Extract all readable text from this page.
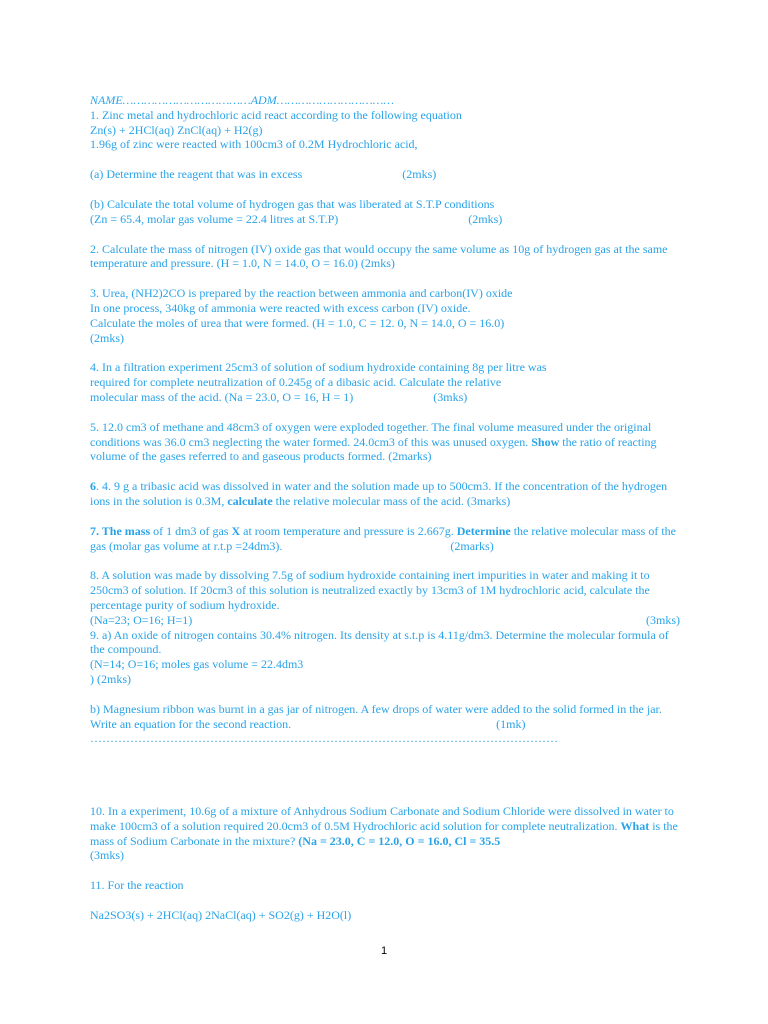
NAME………………………………ADM……………………………

1. Zinc metal and hydrochloric acid react according to the following equation

Zn(s) + 2HCl(aq) ZnCl(aq) + H2(g)

1.96g of zinc were reacted with 100cm3 of 0.2M Hydrochloric acid,

(a) Determine the reagent that was in excess	(2mks)

(b) Calculate the total volume of hydrogen gas that was liberated at S.T.P conditions

(Zn = 65.4, molar gas volume = 22.4 litres at S.T.P)	(2mks)

2. Calculate the mass of nitrogen (IV) oxide gas that would occupy the same volume as 10g of hydrogen gas at the same temperature and pressure. (H = 1.0, N = 14.0, O = 16.0) (2mks)

3. Urea, (NH2)2CO is prepared by the reaction between ammonia and carbon(IV) oxide

In one process, 340kg of ammonia were reacted with excess carbon (IV) oxide.

Calculate the moles of urea that were formed. (H = 1.0, C = 12. 0, N = 14.0, O = 16.0)

(2mks)

4. In a filtration experiment 25cm3 of solution of sodium hydroxide containing 8g per litre was

required for complete neutralization of 0.245g of a dibasic acid. Calculate the relative

molecular mass of the acid. (Na = 23.0, O = 16, H = 1)	(3mks)

5. 12.0 cm3 of methane and 48cm3 of oxygen were exploded together. The final volume measured under the original conditions was 36.0 cm3 neglecting the water formed. 24.0cm3 of this was unused oxygen. Show the ratio of reacting volume of the gases referred to and gaseous products formed. (2marks)

6. 4. 9 g a tribasic acid was dissolved in water and the solution made up to 500cm3. If the concentration of the hydrogen ions in the solution is 0.3M, calculate the relative molecular mass of the acid. (3marks)

7. The mass of 1 dm3 of gas X at room temperature and pressure is 2.667g. Determine the relative molecular mass of the gas (molar gas volume at r.t.p =24dm3).	(2marks)

8. A solution was made by dissolving 7.5g of sodium hydroxide containing inert impurities in water and making it to 250cm3 of solution. If 20cm3 of this solution is neutralized exactly by 13cm3 of 1M hydrochloric acid, calculate the percentage purity of sodium hydroxide.

(Na=23; O=16; H=1)	(3mks)

9. a) An oxide of nitrogen contains 30.4% nitrogen. Its density at s.t.p is 4.11g/dm3. Determine the molecular formula of the compound.

(N=14; O=16; moles gas volume = 22.4dm3

) (2mks)

b) Magnesium ribbon was burnt in a gas jar of nitrogen. A few drops of water were added to the solid formed in the jar. Write an equation for the second reaction.	(1mk)

………………………………………………………………………………………………………

10. In a experiment, 10.6g of a mixture of Anhydrous Sodium Carbonate and Sodium Chloride were dissolved in water to make 100cm3 of a solution required 20.0cm3 of 0.5M Hydrochloric acid solution for complete neutralization. What is the mass of Sodium Carbonate in the mixture? (Na = 23.0, C = 12.0, O = 16.0, Cl = 35.5

(3mks)

11. For the reaction

Na2SO3(s) + 2HCl(aq) 2NaCl(aq) + SO2(g) + H2O(l)

1
